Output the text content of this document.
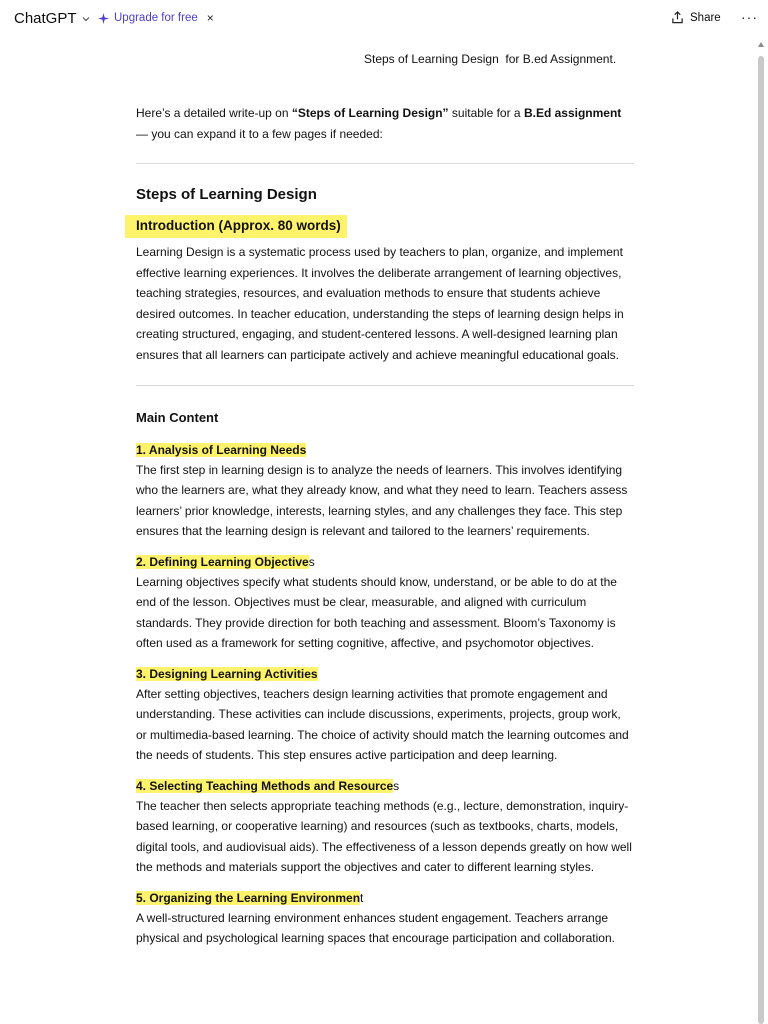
ChatGPT	Upgrade for free ×	Share ···
Steps of Learning Design  for B.ed Assignment.

Here’s a detailed write-up on “Steps of Learning Design” suitable for a B.Ed assignment — you can expand it to a few pages if needed:

Steps of Learning Design

Introduction (Approx. 80 words)

Learning Design is a systematic process used by teachers to plan, organize, and implement effective learning experiences. It involves the deliberate arrangement of learning objectives, teaching strategies, resources, and evaluation methods to ensure that students achieve desired outcomes. In teacher education, understanding the steps of learning design helps in creating structured, engaging, and student-centered lessons. A well-designed learning plan ensures that all learners can participate actively and achieve meaningful educational goals.

Main Content

1. Analysis of Learning Needs

The first step in learning design is to analyze the needs of learners. This involves identifying who the learners are, what they already know, and what they need to learn. Teachers assess learners’ prior knowledge, interests, learning styles, and any challenges they face. This step ensures that the learning design is relevant and tailored to the learners’ requirements.

2. Defining Learning Objectives

Learning objectives specify what students should know, understand, or be able to do at the end of the lesson. Objectives must be clear, measurable, and aligned with curriculum standards. They provide direction for both teaching and assessment. Bloom’s Taxonomy is often used as a framework for setting cognitive, affective, and psychomotor objectives.

3. Designing Learning Activities

After setting objectives, teachers design learning activities that promote engagement and understanding. These activities can include discussions, experiments, projects, group work, or multimedia-based learning. The choice of activity should match the learning outcomes and the needs of students. This step ensures active participation and deep learning.

4. Selecting Teaching Methods and Resources

The teacher then selects appropriate teaching methods (e.g., lecture, demonstration, inquiry-based learning, or cooperative learning) and resources (such as textbooks, charts, models, digital tools, and audiovisual aids). The effectiveness of a lesson depends greatly on how well the methods and materials support the objectives and cater to different learning styles.

5. Organizing the Learning Environment

A well-structured learning environment enhances student engagement. Teachers arrange physical and psychological learning spaces that encourage participation and collaboration.
